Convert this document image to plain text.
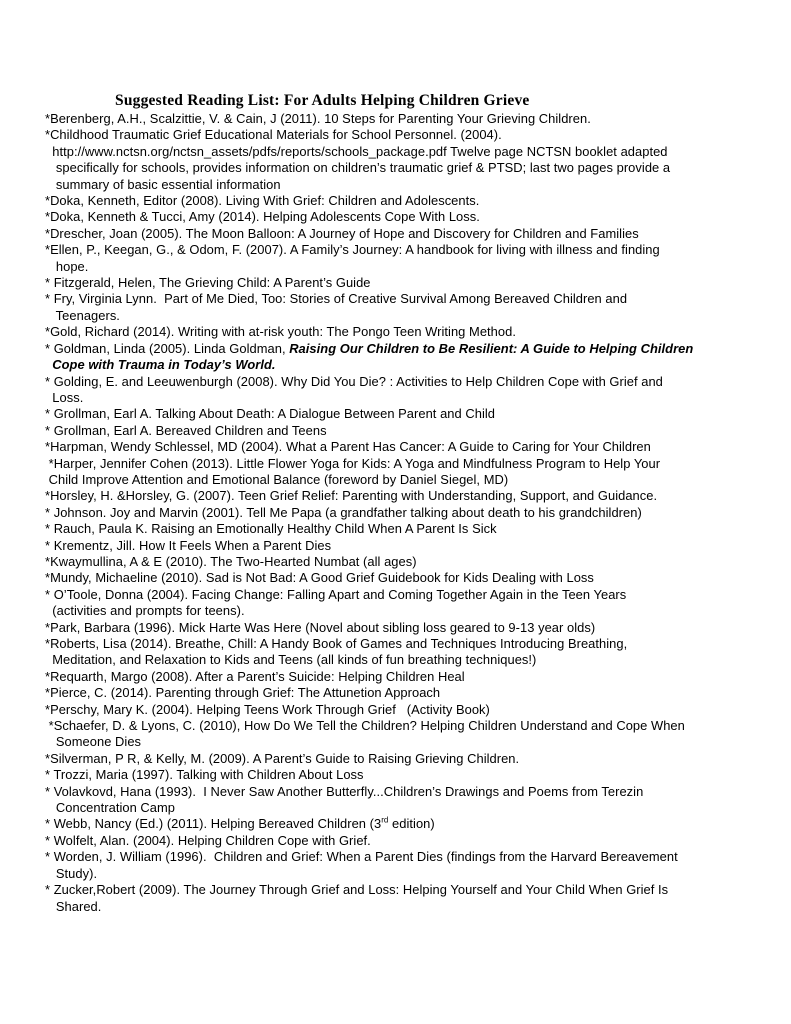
Suggested Reading List: For Adults Helping Children Grieve
*Berenberg, A.H., Scalzittie, V. & Cain, J (2011). 10 Steps for Parenting Your Grieving Children.
*Childhood Traumatic Grief Educational Materials for School Personnel. (2004).
http://www.nctsn.org/nctsn_assets/pdfs/reports/schools_package.pdf Twelve page NCTSN booklet adapted
specifically for schools, provides information on children’s traumatic grief & PTSD; last two pages provide a
summary of basic essential information
*Doka, Kenneth, Editor (2008). Living With Grief: Children and Adolescents.
*Doka, Kenneth & Tucci, Amy (2014). Helping Adolescents Cope With Loss.
*Drescher, Joan (2005). The Moon Balloon: A Journey of Hope and Discovery for Children and Families
*Ellen, P., Keegan, G., & Odom, F. (2007). A Family’s Journey: A handbook for living with illness and finding
hope.
* Fitzgerald, Helen, The Grieving Child: A Parent’s Guide
* Fry, Virginia Lynn.  Part of Me Died, Too: Stories of Creative Survival Among Bereaved Children and
Teenagers.
*Gold, Richard (2014). Writing with at-risk youth: The Pongo Teen Writing Method.
* Goldman, Linda (2005). Linda Goldman, Raising Our Children to Be Resilient: A Guide to Helping Children
Cope with Trauma in Today’s World.
* Golding, E. and Leeuwenburgh (2008). Why Did You Die? : Activities to Help Children Cope with Grief and
Loss.
* Grollman, Earl A. Talking About Death: A Dialogue Between Parent and Child
* Grollman, Earl A. Bereaved Children and Teens
*Harpman, Wendy Schlessel, MD (2004). What a Parent Has Cancer: A Guide to Caring for Your Children
*Harper, Jennifer Cohen (2013). Little Flower Yoga for Kids: A Yoga and Mindfulness Program to Help Your
Child Improve Attention and Emotional Balance (foreword by Daniel Siegel, MD)
*Horsley, H. &Horsley, G. (2007). Teen Grief Relief: Parenting with Understanding, Support, and Guidance.
* Johnson. Joy and Marvin (2001). Tell Me Papa (a grandfather talking about death to his grandchildren)
* Rauch, Paula K. Raising an Emotionally Healthy Child When A Parent Is Sick
* Krementz, Jill. How It Feels When a Parent Dies
*Kwaymullina, A & E (2010). The Two-Hearted Numbat (all ages)
*Mundy, Michaeline (2010). Sad is Not Bad: A Good Grief Guidebook for Kids Dealing with Loss
* O’Toole, Donna (2004). Facing Change: Falling Apart and Coming Together Again in the Teen Years
(activities and prompts for teens).
*Park, Barbara (1996). Mick Harte Was Here (Novel about sibling loss geared to 9-13 year olds)
*Roberts, Lisa (2014). Breathe, Chill: A Handy Book of Games and Techniques Introducing Breathing,
Meditation, and Relaxation to Kids and Teens (all kinds of fun breathing techniques!)
*Requarth, Margo (2008). After a Parent’s Suicide: Helping Children Heal
*Pierce, C. (2014). Parenting through Grief: The Attunetion Approach
*Perschy, Mary K. (2004). Helping Teens Work Through Grief   (Activity Book)
*Schaefer, D. & Lyons, C. (2010), How Do We Tell the Children? Helping Children Understand and Cope When
Someone Dies
*Silverman, P R, & Kelly, M. (2009). A Parent’s Guide to Raising Grieving Children.
* Trozzi, Maria (1997). Talking with Children About Loss
* Volavkovd, Hana (1993).  I Never Saw Another Butterfly...Children’s Drawings and Poems from Terezin
Concentration Camp
* Webb, Nancy (Ed.) (2011). Helping Bereaved Children (3rd edition)
* Wolfelt, Alan. (2004). Helping Children Cope with Grief.
* Worden, J. William (1996).  Children and Grief: When a Parent Dies (findings from the Harvard Bereavement
Study).
* Zucker,Robert (2009). The Journey Through Grief and Loss: Helping Yourself and Your Child When Grief Is
Shared.
